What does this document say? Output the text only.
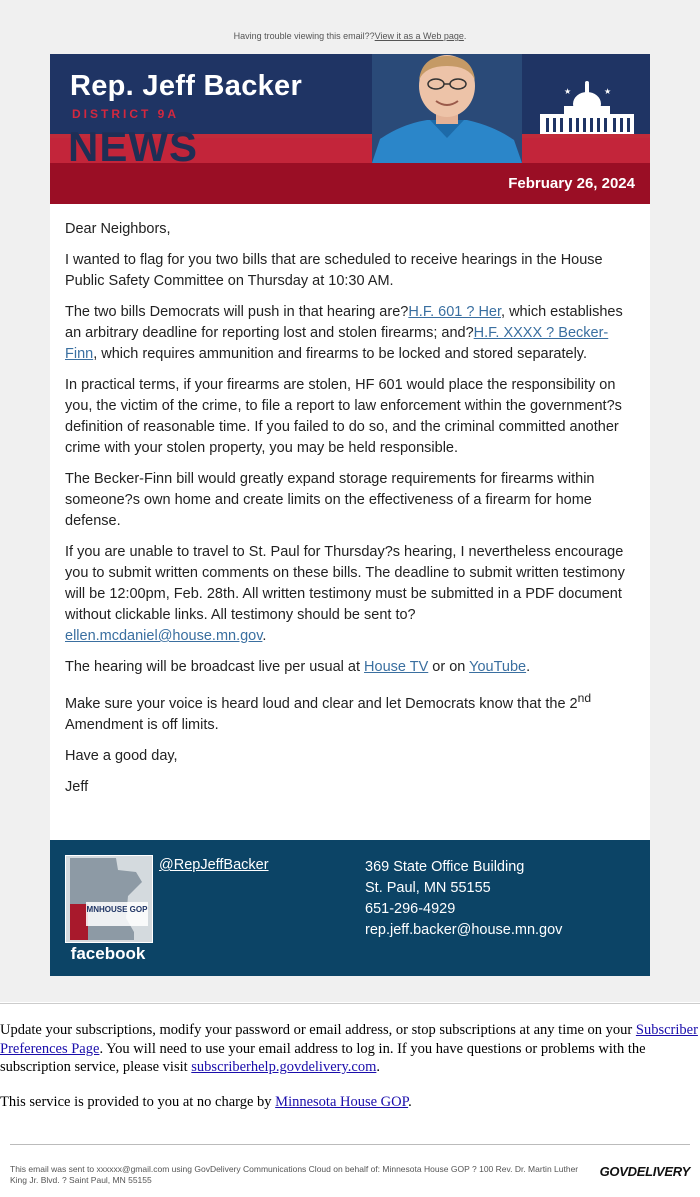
Having trouble viewing this email??View it as a Web page.
Rep. Jeff Backer
DISTRICT 9A
NEWS
★	★
February 26, 2024

Dear Neighbors,

I wanted to flag for you two bills that are scheduled to receive hearings in the House Public Safety Committee on Thursday at 10:30 AM.

The two bills Democrats will push in that hearing are?H.F. 601 ? Her, which establishes an arbitrary deadline for reporting lost and stolen firearms; and?H.F. XXXX ? Becker-Finn, which requires ammunition and firearms to be locked and stored separately.

In practical terms, if your firearms are stolen, HF 601 would place the responsibility on you, the victim of the crime, to file a report to law enforcement within the government?s definition of reasonable time. If you failed to do so, and the criminal committed another crime with your stolen property, you may be held responsible.

The Becker-Finn bill would greatly expand storage requirements for firearms within someone?s own home and create limits on the effectiveness of a firearm for home defense.

If you are unable to travel to St. Paul for Thursday?s hearing, I nevertheless encourage you to submit written comments on these bills. The deadline to submit written testimony will be 12:00pm, Feb. 28th. All written testimony must be submitted in a PDF document without clickable links. All testimony should be sent to?
ellen.mcdaniel@house.mn.gov.

The hearing will be broadcast live per usual at House TV or on YouTube.

Make sure your voice is heard loud and clear and let Democrats know that the 2nd Amendment is off limits.

Have a good day,

Jeff

MNHOUSE GOP
facebook
@RepJeffBacker	369 State Office Building
St. Paul, MN 55155
651-296-4929
rep.jeff.backer@house.mn.gov

Update your subscriptions, modify your password or email address, or stop subscriptions at any time on your Subscriber Preferences Page. You will need to use your email address to log in. If you have questions or problems with the subscription service, please visit subscriberhelp.govdelivery.com.

This service is provided to you at no charge by Minnesota House GOP.

This email was sent to xxxxxx@gmail.com using GovDelivery Communications Cloud on behalf of: Minnesota House GOP ? 100 Rev. Dr. Martin Luther King Jr. Blvd. ? Saint Paul, MN 55155
GOVDELIVERY
